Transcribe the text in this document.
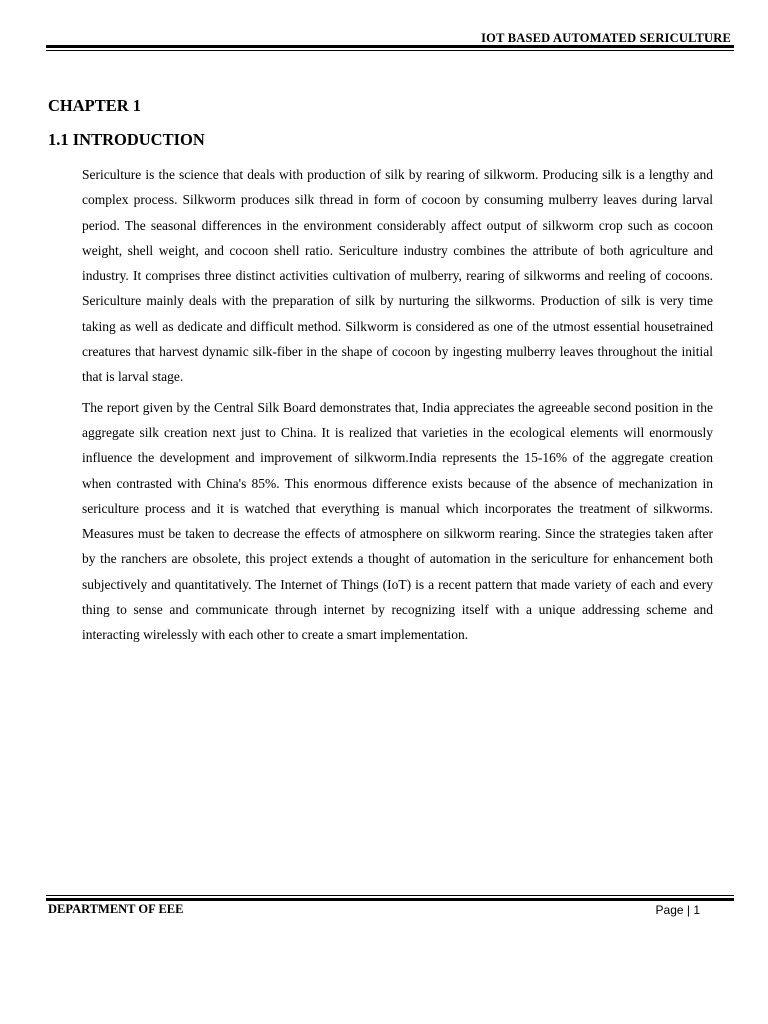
IOT BASED AUTOMATED SERICULTURE
CHAPTER 1
1.1 INTRODUCTION

Sericulture is the science that deals with production of silk by rearing of silkworm. Producing silk is a lengthy and complex process. Silkworm produces silk thread in form of cocoon by consuming mulberry leaves during larval period. The seasonal differences in the environment considerably affect output of silkworm crop such as cocoon weight, shell weight, and cocoon shell ratio. Sericulture industry combines the attribute of both agriculture and industry. It comprises three distinct activities cultivation of mulberry, rearing of silkworms and reeling of cocoons. Sericulture mainly deals with the preparation of silk by nurturing the silkworms. Production of silk is very time taking as well as dedicate and difficult method. Silkworm is considered as one of the utmost essential housetrained creatures that harvest dynamic silk-fiber in the shape of cocoon by ingesting mulberry leaves throughout the initial that is larval stage.

The report given by the Central Silk Board demonstrates that, India appreciates the agreeable second position in the aggregate silk creation next just to China. It is realized that varieties in the ecological elements will enormously influence the development and improvement of silkworm.India represents the 15-16% of the aggregate creation when contrasted with China's 85%. This enormous difference exists because of the absence of mechanization in sericulture process and it is watched that everything is manual which incorporates the treatment of silkworms. Measures must be taken to decrease the effects of atmosphere on silkworm rearing. Since the strategies taken after by the ranchers are obsolete, this project extends a thought of automation in the sericulture for enhancement both subjectively and quantitatively. The Internet of Things (IoT) is a recent pattern that made variety of each and every thing to sense and communicate through internet by recognizing itself with a unique addressing scheme and interacting wirelessly with each other to create a smart implementation.

DEPARTMENT OF EEE	Page | 1
